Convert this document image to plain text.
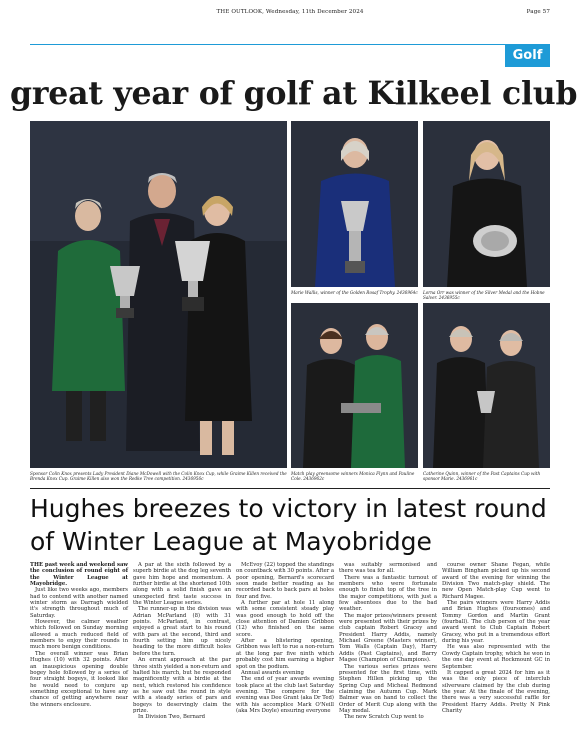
THE OUTLOOK, Wednesday, 11th December 2024	Page 57
Golf
great year of golf at Kilkeel club
Marie Wallis, winner of the Golden Rosaf Trophy. 2436964c Lorna Orr was winner of the Silver Medal and the Hobne Salver. 2436955c
Sponsor Colin Knox presents Lady President Diane McDowell with the Colin Knox Cup, while Graime Killen received the Brenda Knox Cup. Graime Killen also won the Redke Tree competition. 2436956c
Match play greensome winners Monica Flynn and Pauline Cole. 2436962c
Catherine Quinn, winner of the Past Captains Cup with sponsor Marie. 2436961c
Hughes breezes to victory in latest round of Winter League at Mayobridge

THE past week and weekend saw the conclusion of round eight of the Winter League at Mayobridge.

Just like two weeks ago, members had to contend with another named winter storm as Darragh wielded it's strength throughout much of Saturday.

However, the calmer weather which followed on Sunday morning allowed a much reduced field of members to enjoy their rounds in much more benign conditions.

The overall winner was Brian Hughes (10) with 32 points. After an inauspicious opening double bogey hole followed by a series of four straight bogeys, it looked like he would need to conjure up something exceptional to have any chance of getting anywhere near the winners enclosure.

A par at the sixth followed by a superb birdie at the dog leg seventh gave him hope and momentum. A further birdie at the shortened 10th along with a solid finish gave an unexpected first taste success in the Winter League series.

The runner-up in the division was Adrian McParland (8) with 31 points. McParland, in contrast, enjoyed a great start to his round with pars at the second, third and fourth setting him up nicely heading to the more difficult holes before the turn.

An errant approach at the par three sixth yielded a non-return and halted his march, but he responded magnificently with a birdie at the next, which restored his confidence as he saw out the round in style with a steady series of pars and bogeys to deservingly claim the prize.

In Division Two, Bernard

McEvoy (22) topped the standings on countback with 30 points. After a poor opening, Bernard's scorecard soon made better reading as he recorded back to back pars at holes four and five.

A further par at hole 11 along with some consistent steady play was good enough to hold off the close attention of Damien Gribbon (12) who finished on the same score.

After a blistering opening, Gribbon was left to rue a non-return at the long par five ninth which probably cost him earning a higher spot on the podium.

Annual awards evening

The end of year awards evening took place at the club last Saturday evening. The compere for the evening was Dee Grant (aka Dr Ted) with his accomplice Mark O'Neill (aka Mrs Doyle) ensuring everyone

was suitably sermonised and there was tea for all.

There was a fantastic turnout of members who were fortunate enough to finish top of the tree in the major competitions, with just a few absentees due to the bad weather.

The major prizes/winners present were presented with their prizes by club captain Robert Gracey and President Harry Addis, namely Michael Greene (Masters winner), Tom Walls (Captain Day), Harry Addis (Past Captains), and Barry Magee (Champion of Champions).

The various series prizes were presented for the first time, with Stephen Hillen picking up the Spring Cup and Micheal Redmond claiming the Autumn Cup. Mark Balmer was on hand to collect the Order of Merit Cup along with the May medal.

The new Scratch Cup went to

course owner Shane Fegan, while William Bingham picked up his second award of the evening for winning the Division Two match-play shield. The new Open Match-play Cup went to Richard Magee.

The pairs winners were Harry Addis and Brian Hughes (foursomes) and Tommy Gordon and Martin Grant (fourball). The club person of the year award went to Club Captain Robert Gracey, who put in a tremendous effort during his year.

He was also represented with the Cowdy Captain trophy, which he won in the one day event at Rockmount GC in September.

It capped a great 2024 for him as it was the only piece of interclub silverware claimed by the club during the year. At the finale of the evening, there was a very successful raffle for President Harry Addis. Pretty N Pink Charity
